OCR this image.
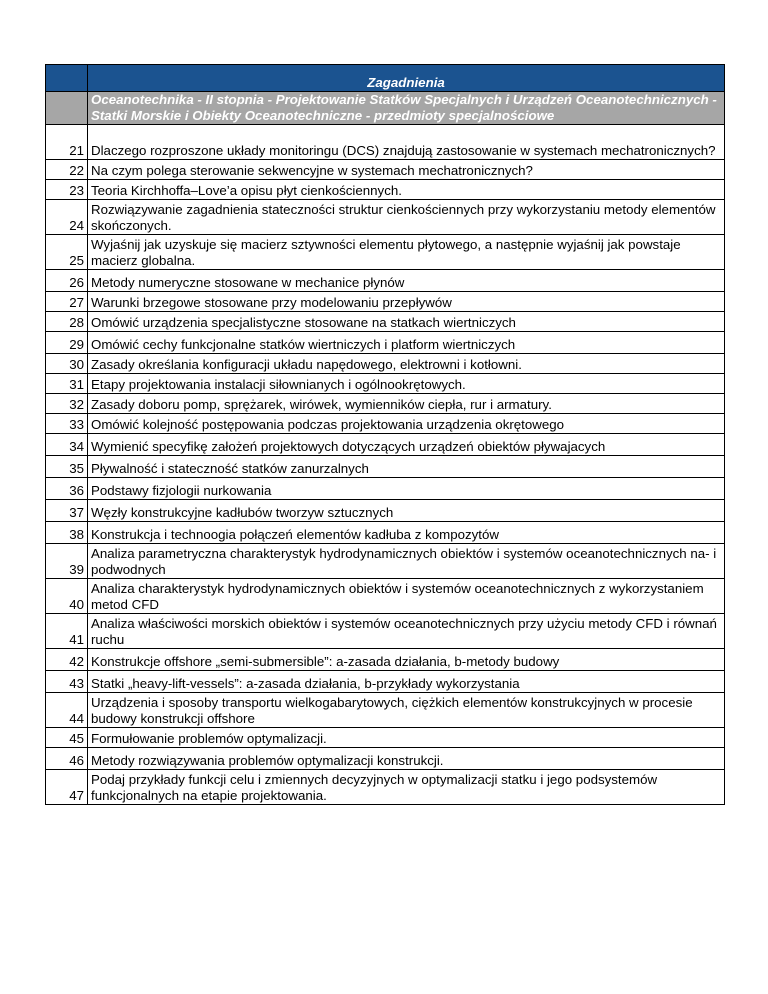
	Zagadnienia
	Oceanotechnika - II stopnia - Projektowanie Statków Specjalnych i Urządzeń Oceanotechnicznych - Statki Morskie i Obiekty Oceanotechniczne - przedmioty specjalnościowe
21	Dlaczego rozproszone układy monitoringu (DCS) znajdują zastosowanie w systemach mechatronicznych?
22	Na czym polega sterowanie sekwencyjne w systemach mechatronicznych?
23	Teoria Kirchhoffa–Love’a opisu płyt cienkościennych.
24	Rozwiązywanie zagadnienia stateczności struktur cienkościennych przy wykorzystaniu metody elementów skończonych.
25	Wyjaśnij jak uzyskuje się macierz sztywności elementu płytowego, a następnie wyjaśnij jak powstaje macierz globalna.
26	Metody numeryczne stosowane w mechanice płynów
27	Warunki brzegowe stosowane przy modelowaniu przepływów
28	Omówić urządzenia specjalistyczne stosowane na statkach wiertniczych
29	Omówić cechy funkcjonalne statków wiertniczych i platform wiertniczych
30	Zasady określania konfiguracji układu napędowego, elektrowni i kotłowni.
31	Etapy projektowania instalacji siłownianych i ogólnookrętowych.
32	Zasady doboru pomp, sprężarek, wirówek, wymienników ciepła, rur i armatury.
33	Omówić kolejność postępowania podczas projektowania urządzenia okrętowego
34	Wymienić specyfikę założeń projektowych dotyczących urządzeń obiektów pływajacych
35	Pływalność i stateczność statków zanurzalnych
36	Podstawy fizjologii nurkowania
37	Węzły konstrukcyjne kadłubów tworzyw sztucznych
38	Konstrukcja i technoogia połączeń elementów kadłuba z kompozytów
39	Analiza parametryczna charakterystyk hydrodynamicznych obiektów i systemów oceanotechnicznych na- i podwodnych
40	Analiza charakterystyk hydrodynamicznych obiektów i systemów oceanotechnicznych z wykorzystaniem metod CFD
41	Analiza właściwości morskich obiektów i systemów oceanotechnicznych przy użyciu metody CFD i równań ruchu
42	Konstrukcje offshore „semi-submersible”: a-zasada działania, b-metody budowy
43	Statki „heavy-lift-vessels”: a-zasada działania, b-przykłady wykorzystania
44	Urządzenia i sposoby transportu wielkogabarytowych, ciężkich elementów konstrukcyjnych w procesie budowy konstrukcji offshore
45	Formułowanie problemów optymalizacji.
46	Metody rozwiązywania problemów optymalizacji konstrukcji.
47	Podaj przykłady funkcji celu i zmiennych decyzyjnych w optymalizacji statku i jego podsystemów funkcjonalnych na etapie projektowania.
